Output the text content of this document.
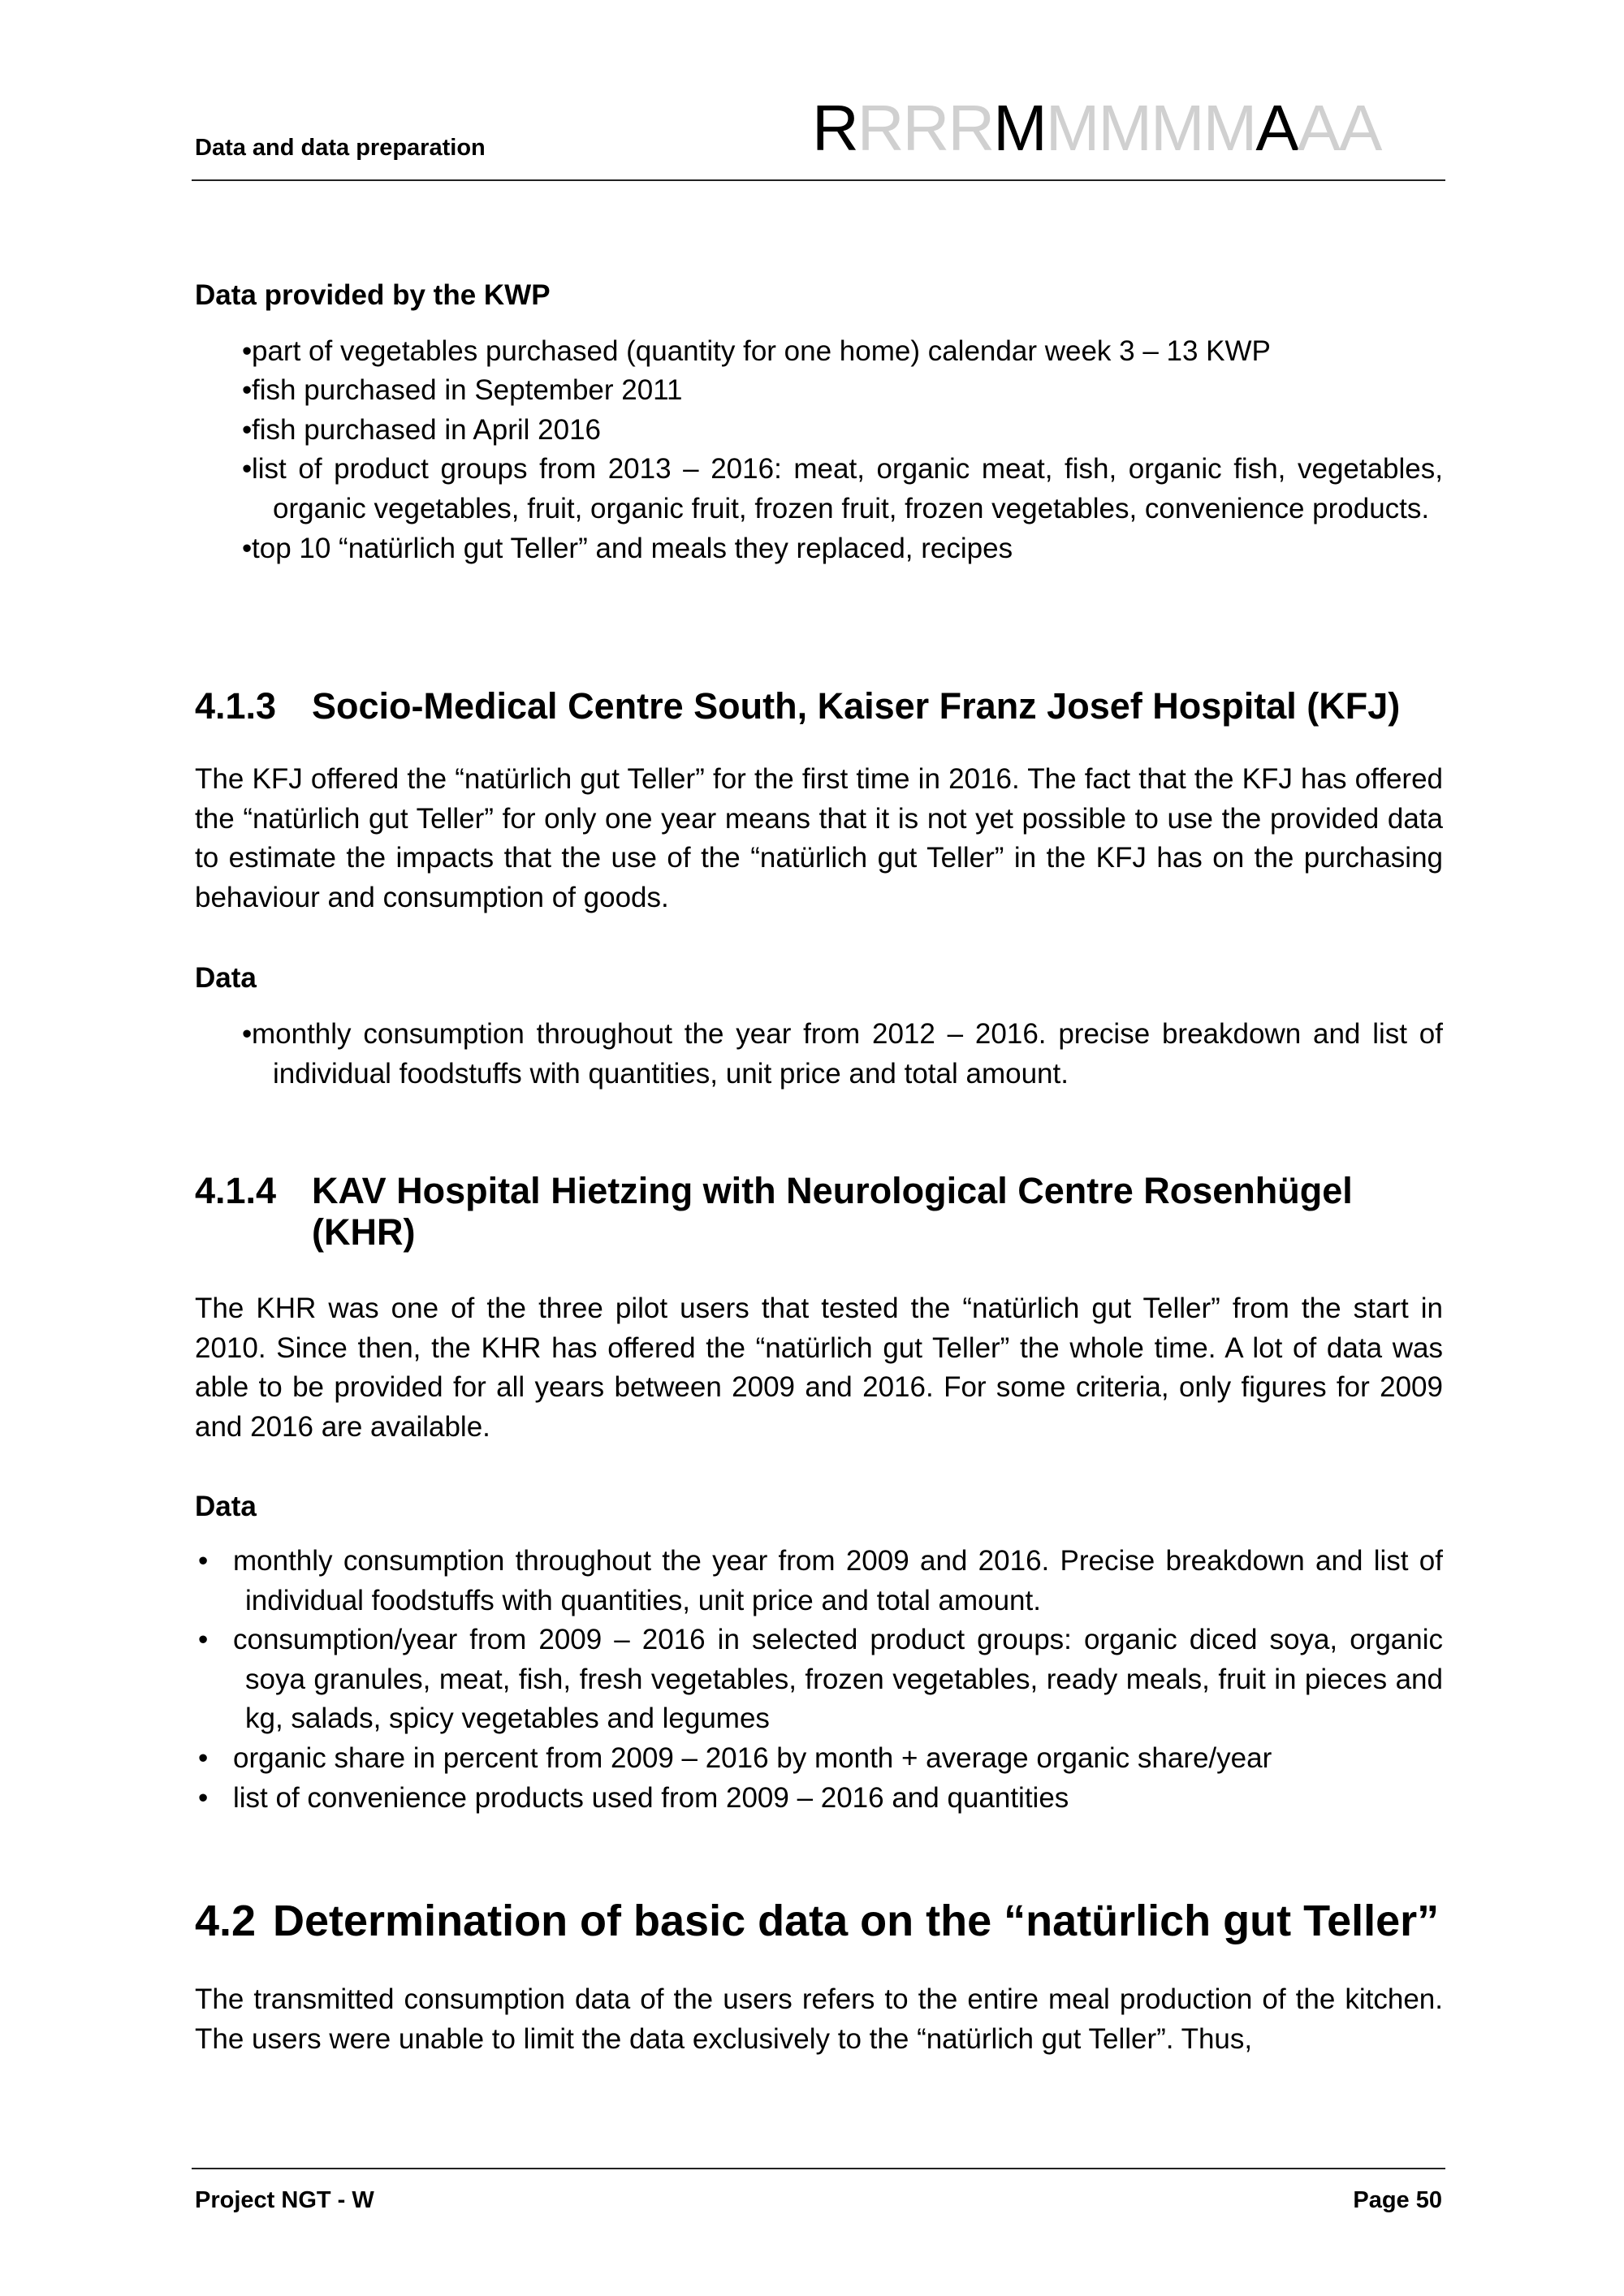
Data and data preparation	RRRRMMMMMAAA
Data provided by the KWP
• part of vegetables purchased (quantity for one home) calendar week 3 – 13 KWP
• fish purchased in September 2011
• fish purchased in April 2016
• list of product groups from 2013 – 2016: meat, organic meat, fish, organic fish, vegetables, organic vegetables, fruit, organic fruit, frozen fruit, frozen vegetables, convenience products.
• top 10 “natürlich gut Teller” and meals they replaced, recipes
4.1.3 Socio-Medical Centre South, Kaiser Franz Josef Hospital (KFJ)
The KFJ offered the “natürlich gut Teller” for the first time in 2016. The fact that the KFJ has offered the “natürlich gut Teller” for only one year means that it is not yet possible to use the provided data to estimate the impacts that the use of the “natürlich gut Teller” in the KFJ has on the purchasing behaviour and consumption of goods.
Data
• monthly consumption throughout the year from 2012 – 2016. precise breakdown and list of individual foodstuffs with quantities, unit price and total amount.
4.1.4 KAV Hospital Hietzing with Neurological Centre Rosenhügel (KHR)
The KHR was one of the three pilot users that tested the “natürlich gut Teller” from the start in 2010. Since then, the KHR has offered the “natürlich gut Teller” the whole time. A lot of data was able to be provided for all years between 2009 and 2016. For some criteria, only figures for 2009 and 2016 are available.
Data
• monthly consumption throughout the year from 2009 and 2016. Precise breakdown and list of individual foodstuffs with quantities, unit price and total amount.
• consumption/year from 2009 – 2016 in selected product groups: organic diced soya, organic soya granules, meat, fish, fresh vegetables, frozen vegetables, ready meals, fruit in pieces and kg, salads, spicy vegetables and legumes
• organic share in percent from 2009 – 2016 by month + average organic share/year
• list of convenience products used from 2009 – 2016 and quantities
4.2 Determination of basic data on the “natürlich gut Teller”
The transmitted consumption data of the users refers to the entire meal production of the kitchen. The users were unable to limit the data exclusively to the “natürlich gut Teller”. Thus,
Project NGT - W	Page 50
